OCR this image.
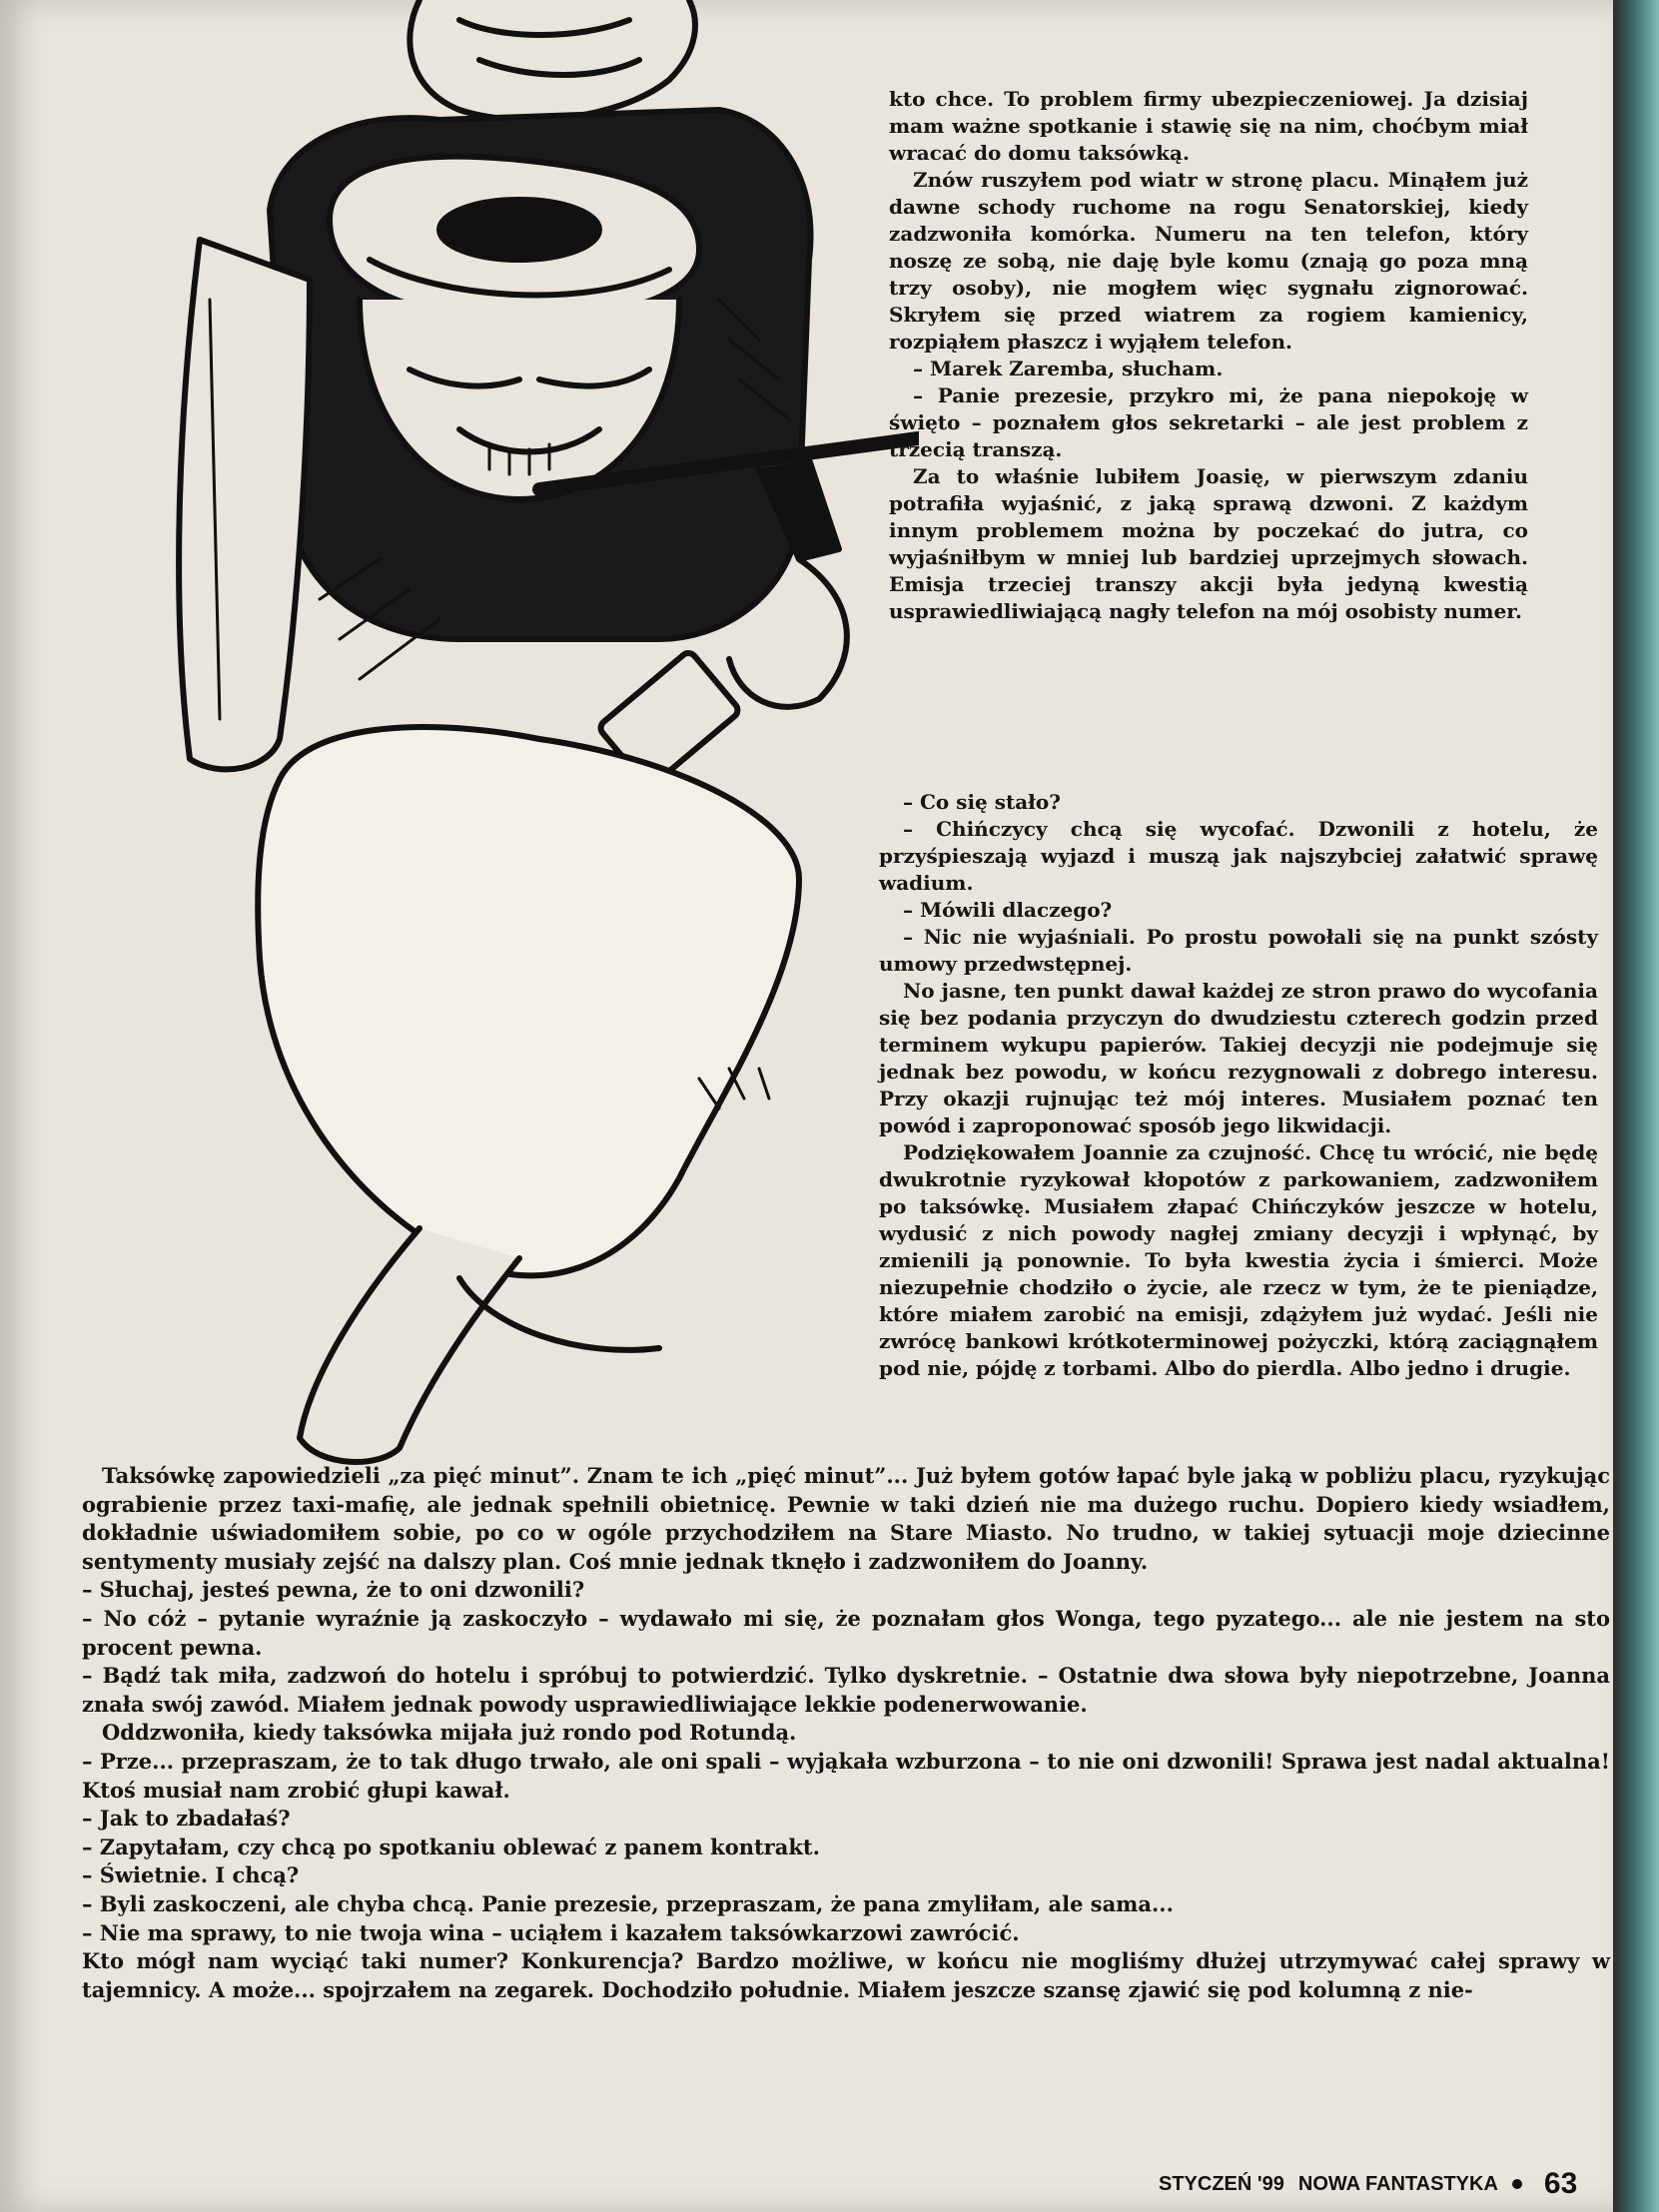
kto chce. To problem firmy ubezpieczeniowej. Ja dzisiaj mam ważne spotkanie i stawię się na nim, choćbym miał wracać do domu taksówką.

Znów ruszyłem pod wiatr w stronę placu. Minąłem już dawne schody ruchome na rogu Senatorskiej, kiedy zadzwoniła komórka. Numeru na ten telefon, który noszę ze sobą, nie daję byle komu (znają go poza mną trzy osoby), nie mogłem więc sygnału zignorować. Skryłem się przed wiatrem za rogiem kamienicy, rozpiąłem płaszcz i wyjąłem telefon.

– Marek Zaremba, słucham.

– Panie prezesie, przykro mi, że pana niepokoję w święto – poznałem głos sekretarki – ale jest problem z trzecią transzą.

Za to właśnie lubiłem Joasię, w pierwszym zdaniu potrafiła wyjaśnić, z jaką sprawą dzwoni. Z każdym innym problemem można by poczekać do jutra, co wyjaśniłbym w mniej lub bardziej uprzejmych słowach. Emisja trzeciej transzy akcji była jedyną kwestią usprawiedliwiającą nagły telefon na mój osobisty numer.

– Co się stało?

– Chińczycy chcą się wycofać. Dzwonili z hotelu, że przyśpieszają wyjazd i muszą jak najszybciej załatwić sprawę wadium.

– Mówili dlaczego?

– Nic nie wyjaśniali. Po prostu powołali się na punkt szósty umowy przedwstępnej.

No jasne, ten punkt dawał każdej ze stron prawo do wycofania się bez podania przyczyn do dwudziestu czterech godzin przed terminem wykupu papierów. Takiej decyzji nie podejmuje się jednak bez powodu, w końcu rezygnowali z dobrego interesu. Przy okazji rujnując też mój interes. Musiałem poznać ten powód i zaproponować sposób jego likwidacji.

Podziękowałem Joannie za czujność. Chcę tu wrócić, nie będę dwukrotnie ryzykował kłopotów z parkowaniem, zadzwoniłem po taksówkę. Musiałem złapać Chińczyków jeszcze w hotelu, wydusić z nich powody nagłej zmiany decyzji i wpłynąć, by zmienili ją ponownie. To była kwestia życia i śmierci. Może niezupełnie chodziło o życie, ale rzecz w tym, że te pieniądze, które miałem zarobić na emisji, zdążyłem już wydać. Jeśli nie zwrócę bankowi krótkoterminowej pożyczki, którą zaciągnąłem pod nie, pójdę z torbami. Albo do pierdla. Albo jedno i drugie.

Taksówkę zapowiedzieli „za pięć minut”. Znam te ich „pięć minut”... Już byłem gotów łapać byle jaką w pobliżu placu, ryzykując ograbienie przez taxi-mafię, ale jednak spełnili obietnicę. Pewnie w taki dzień nie ma dużego ruchu. Dopiero kiedy wsiadłem, dokładnie uświadomiłem sobie, po co w ogóle przychodziłem na Stare Miasto. No trudno, w takiej sytuacji moje dziecinne sentymenty musiały zejść na dalszy plan. Coś mnie jednak tknęło i zadzwoniłem do Joanny.

– Słuchaj, jesteś pewna, że to oni dzwonili?

– No cóż – pytanie wyraźnie ją zaskoczyło – wydawało mi się, że poznałam głos Wonga, tego pyzatego... ale nie jestem na sto procent pewna.

– Bądź tak miła, zadzwoń do hotelu i spróbuj to potwierdzić. Tylko dyskretnie. – Ostatnie dwa słowa były niepotrzebne, Joanna znała swój zawód. Miałem jednak powody usprawiedliwiające lekkie podenerwowanie.

Oddzwoniła, kiedy taksówka mijała już rondo pod Rotundą.

– Prze... przepraszam, że to tak długo trwało, ale oni spali – wyjąkała wzburzona – to nie oni dzwonili! Sprawa jest nadal aktualna! Ktoś musiał nam zrobić głupi kawał.

– Jak to zbadałaś?

– Zapytałam, czy chcą po spotkaniu oblewać z panem kontrakt.

– Świetnie. I chcą?

– Byli zaskoczeni, ale chyba chcą. Panie prezesie, przepraszam, że pana zmyliłam, ale sama...

– Nie ma sprawy, to nie twoja wina – uciąłem i kazałem taksówkarzowi zawrócić.

Kto mógł nam wyciąć taki numer? Konkurencja? Bardzo możliwe, w końcu nie mogliśmy dłużej utrzymywać całej sprawy w tajemnicy. A może... spojrzałem na zegarek. Dochodziło południe. Miałem jeszcze szansę zjawić się pod kolumną z nie-

STYCZEŃ '99 NOWA FANTASTYKA 63
